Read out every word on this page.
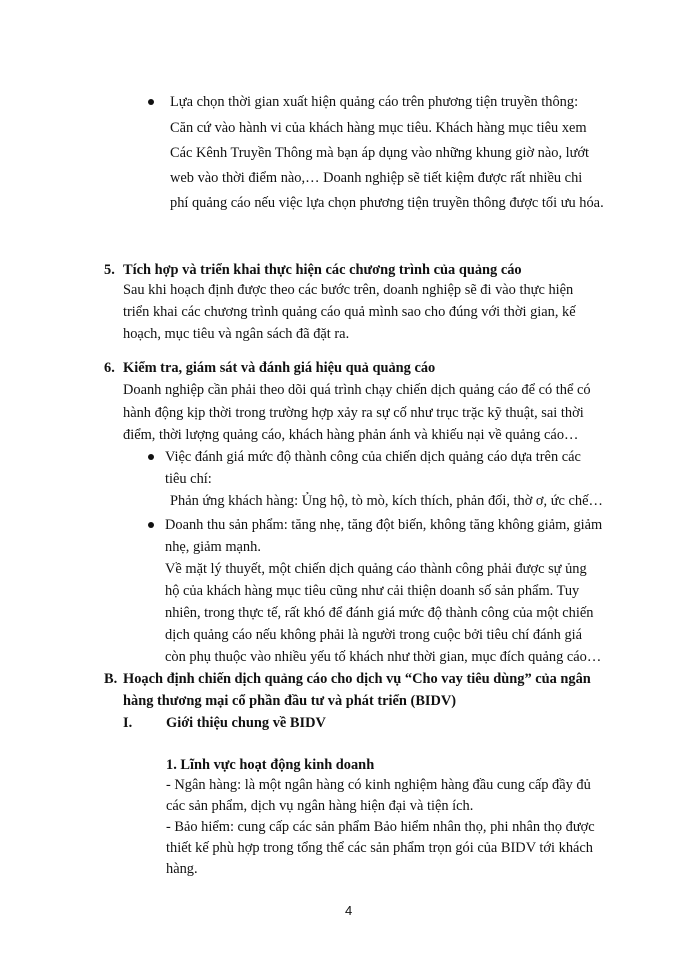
Lựa chọn thời gian xuất hiện quảng cáo trên phương tiện truyền thông:
Căn cứ vào hành vi của khách hàng mục tiêu. Khách hàng mục tiêu xem
Các Kênh Truyền Thông mà bạn áp dụng vào những khung giờ nào, lướt
web vào thời điểm nào,… Doanh nghiệp sẽ tiết kiệm được rất nhiều chi
phí quảng cáo nếu việc lựa chọn phương tiện truyền thông được tối ưu hóa.
5. Tích hợp và triển khai thực hiện các chương trình của quảng cáo
Sau khi hoạch định được theo các bước trên, doanh nghiệp sẽ đi vào thực hiện
triển khai các chương trình quảng cáo quả mình sao cho đúng với thời gian, kế
hoạch, mục tiêu và ngân sách đã đặt ra.
6. Kiểm tra, giám sát và đánh giá hiệu quả quảng cáo
Doanh nghiệp cần phải theo dõi quá trình chạy chiến dịch quảng cáo để có thể có
hành động kịp thời trong trường hợp xảy ra sự cố như trục trặc kỹ thuật, sai thời
điểm, thời lượng quảng cáo, khách hàng phản ánh và khiếu nại về quảng cáo…
Việc đánh giá mức độ thành công của chiến dịch quảng cáo dựa trên các
tiêu chí:
Phản ứng khách hàng: Ủng hộ, tò mò, kích thích, phản đối, thờ ơ, ức chế…
Doanh thu sản phẩm: tăng nhẹ, tăng đột biến, không tăng không giảm, giảm
nhẹ, giảm mạnh.
Về mặt lý thuyết, một chiến dịch quảng cáo thành công phải được sự ủng
hộ của khách hàng mục tiêu cũng như cải thiện doanh số sản phẩm. Tuy
nhiên, trong thực tế, rất khó để đánh giá mức độ thành công của một chiến
dịch quảng cáo nếu không phải là người trong cuộc bởi tiêu chí đánh giá
còn phụ thuộc vào nhiều yếu tố khách như thời gian, mục đích quảng cáo…
B. Hoạch định chiến dịch quảng cáo cho dịch vụ “Cho vay tiêu dùng” của ngân
hàng thương mại cổ phần đầu tư và phát triển (BIDV)
I. Giới thiệu chung về BIDV
1. Lĩnh vực hoạt động kinh doanh
- Ngân hàng: là một ngân hàng có kinh nghiệm hàng đầu cung cấp đầy đủ
các sản phẩm, dịch vụ ngân hàng hiện đại và tiện ích.
- Bảo hiểm: cung cấp các sản phẩm Bảo hiểm nhân thọ, phi nhân thọ được
thiết kế phù hợp trong tổng thể các sản phẩm trọn gói của BIDV tới khách
hàng.
4
